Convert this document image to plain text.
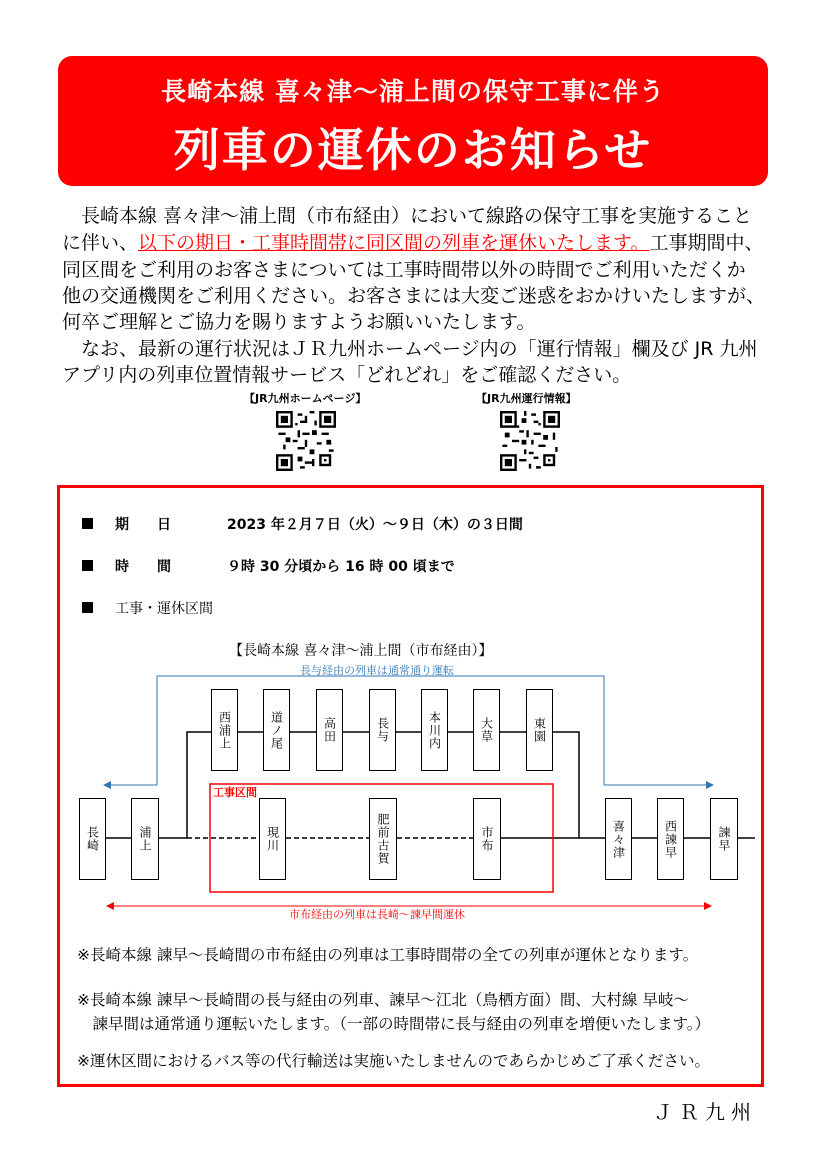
長崎本線 喜々津～浦上間の保守工事に伴う
列車の運休のお知らせ
　長崎本線 喜々津～浦上間（市布経由）において線路の保守工事を実施すること
に伴い、以下の期日・工事時間帯に同区間の列車を運休いたします。工事期間中、
同区間をご利用のお客さまについては工事時間帯以外の時間でご利用いただくか
他の交通機関をご利用ください。お客さまには大変ご迷惑をおかけいたしますが、
何卒ご理解とご協力を賜りますようお願いいたします。
　なお、最新の運行状況はＪＲ九州ホームページ内の「運行情報」欄及び JR 九州
アプリ内の列車位置情報サービス「どれどれ」をご確認ください。
【JR九州ホームページ】	【JR九州運行情報】
期　　日	2023 年２月７日（火）～９日（木）の３日間
時　　間	９時 30 分頃から 16 時 00 頃まで
工事・運休区間
【長崎本線 喜々津～浦上間（市布経由）】
長与経由の列車は通常通り運転
市布経由の列車は長崎～諫早間運休
工事区間
長崎	浦上	喜々津	西諫早	諫早
西浦上	道ノ尾	高田	長与	本川内	大草	東園
現川	肥前古賀	市布
※長崎本線 諫早～長崎間の市布経由の列車は工事時間帯の全ての列車が運休となります。
※長崎本線 諫早～長崎間の長与経由の列車、諫早～江北（鳥栖方面）間、大村線 早岐～
　諫早間は通常通り運転いたします。（一部の時間帯に長与経由の列車を増便いたします。）
※運休区間におけるバス等の代行輸送は実施いたしませんのであらかじめご了承ください。
ＪＲ九州
